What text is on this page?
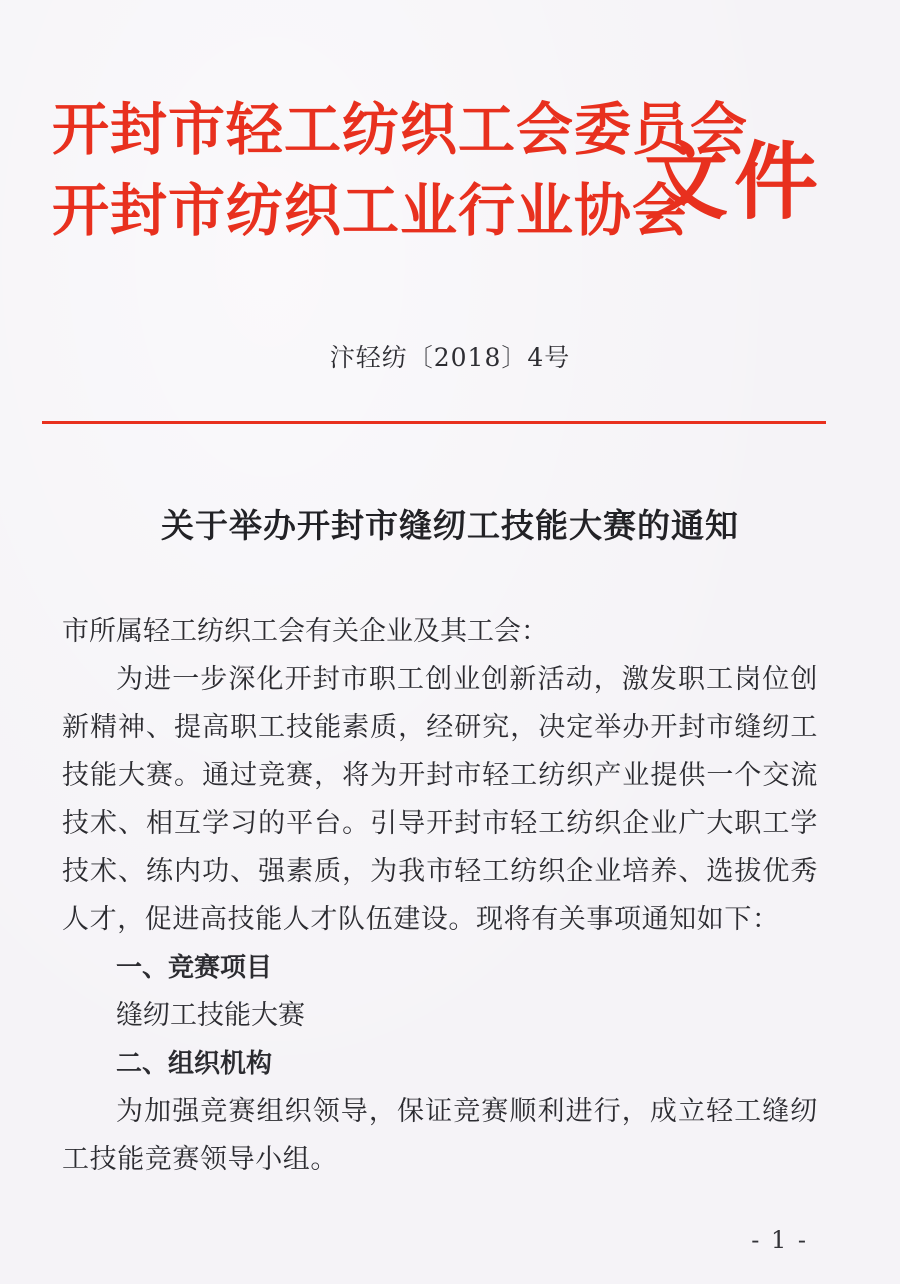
开封市轻工纺织工会委员会
开封市纺织工业行业协会
文件
汴轻纺〔2018〕4号
关于举办开封市缝纫工技能大赛的通知
市所属轻工纺织工会有关企业及其工会：
为进一步深化开封市职工创业创新活动，激发职工岗位创新精神、提高职工技能素质，经研究，决定举办开封市缝纫工技能大赛。通过竞赛，将为开封市轻工纺织产业提供一个交流技术、相互学习的平台。引导开封市轻工纺织企业广大职工学技术、练内功、强素质，为我市轻工纺织企业培养、选拔优秀人才，促进高技能人才队伍建设。现将有关事项通知如下：
一、竞赛项目
缝纫工技能大赛
二、组织机构
为加强竞赛组织领导，保证竞赛顺利进行，成立轻工缝纫工技能竞赛领导小组。
- 1 -
